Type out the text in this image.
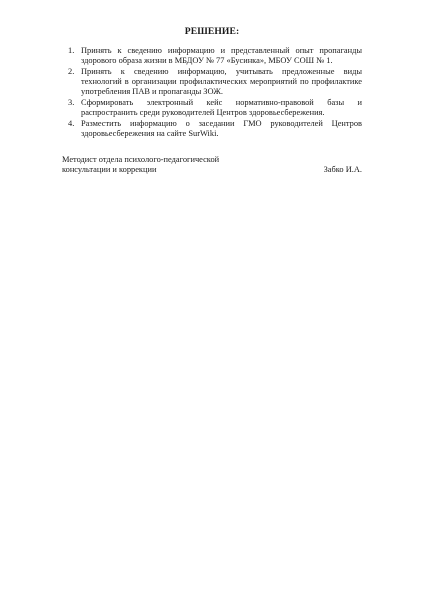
РЕШЕНИЕ:
1. Принять к сведению информацию и представленный опыт пропаганды здорового образа жизни в МБДОУ № 77 «Бусинка», МБОУ СОШ № 1.
2. Принять к сведению информацию, учитывать предложенные виды технологий в организации профилактических мероприятий по профилактике употребления ПАВ и пропаганды ЗОЖ.
3. Сформировать электронный кейс нормативно-правовой базы и распространить среди руководителей Центров здоровьесбережения.
4. Разместить информацию о заседании ГМО руководителей Центров здоровьесбережения на сайте SurWiki.
Методист отдела психолого-педагогической
консультации и коррекции	Забко И.А.
